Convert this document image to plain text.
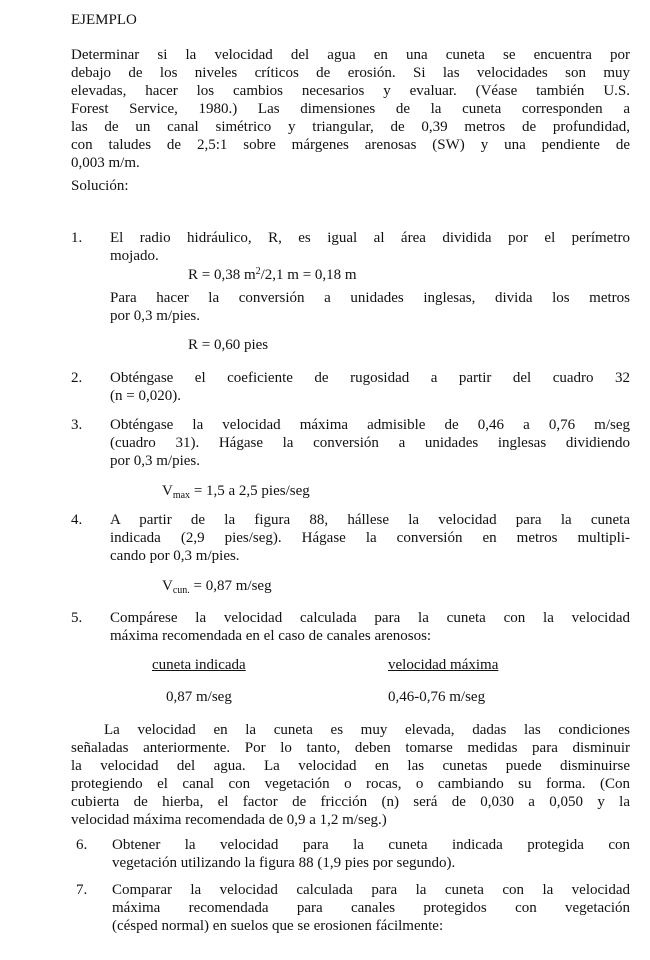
EJEMPLO
Determinar si la velocidad del agua en una cuneta se encuentra por
debajo de los niveles críticos de erosión. Si las velocidades son muy
elevadas, hacer los cambios necesarios y evaluar. (Véase también U.S.
Forest Service, 1980.) Las dimensiones de la cuneta corresponden a
las de un canal simétrico y triangular, de 0,39 metros de profundidad,
con taludes de 2,5:1 sobre márgenes arenosas (SW) y una pendiente de
0,003 m/m.
Solución:
1. El radio hidráulico, R, es igual al área dividida por el perímetro
mojado.
R = 0,38 $m^2/2,1$ m = 0,18 m
Para hacer la conversión a unidades inglesas, divida los metros
por 0,3 m/pies.
R = 0,60 pies
2. Obténgase el coeficiente de rugosidad a partir del cuadro 32
(n = 0,020).
3. Obténgase la velocidad máxima admisible de 0,46 a 0,76 m/seg
(cuadro 31). Hágase la conversión a unidades inglesas dividiendo
por 0,3 m/pies.
$V_{max} = 1,5$ a 2,5 pies/seg
4. A partir de la figura 88, hállese la velocidad para la cuneta
indicada (2,9 pies/seg). Hágase la conversión en metros multipli-
cando por 0,3 m/pies.
$V_{cun.} = 0,87$ m/seg
5. Compárese la velocidad calculada para la cuneta con la velocidad
máxima recomendada en el caso de canales arenosos:
cuneta indicada	velocidad máxima
0,87 m/seg	0,46-0,76 m/seg
La velocidad en la cuneta es muy elevada, dadas las condiciones
señaladas anteriormente. Por lo tanto, deben tomarse medidas para disminuir
la velocidad del agua. La velocidad en las cunetas puede disminuirse
protegiendo el canal con vegetación o rocas, o cambiando su forma. (Con
cubierta de hierba, el factor de fricción (n) será de 0,030 a 0,050 y la
velocidad máxima recomendada de 0,9 a 1,2 m/seg.)
6. Obtener la velocidad para la cuneta indicada protegida con
vegetación utilizando la figura 88 (1,9 pies por segundo).
7. Comparar la velocidad calculada para la cuneta con la velocidad
máxima recomendada para canales protegidos con vegetación
(césped normal) en suelos que se erosionen fácilmente:
